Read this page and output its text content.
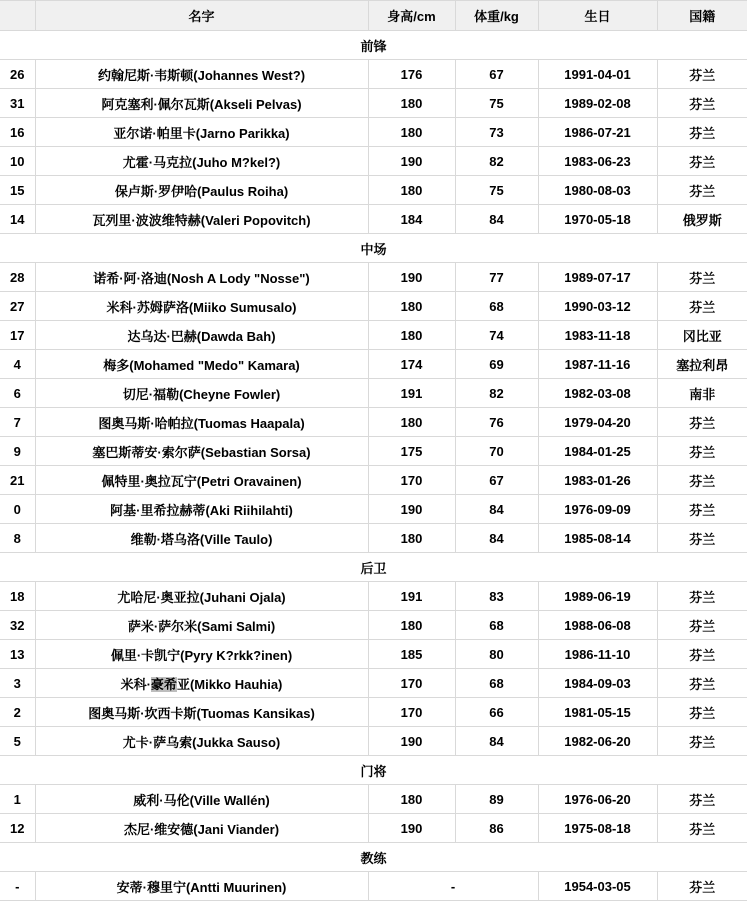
	名字	身高/cm	体重/kg	生日	国籍
前锋					
26	约翰尼斯·韦斯顿(Johannes West?)	176	67	1991-04-01	芬兰
31	阿克塞利·佩尔瓦斯(Akseli Pelvas)	180	75	1989-02-08	芬兰
16	亚尔诺·帕里卡(Jarno Parikka)	180	73	1986-07-21	芬兰
10	尤霍·马克拉(Juho M?kel?)	190	82	1983-06-23	芬兰
15	保卢斯·罗伊哈(Paulus Roiha)	180	75	1980-08-03	芬兰
14	瓦列里·波波维特赫(Valeri Popovitch)	184	84	1970-05-18	俄罗斯
中场					
28	诺希·阿·洛迪(Nosh A Lody "Nosse")	190	77	1989-07-17	芬兰
27	米科·苏姆萨洛(Miiko Sumusalo)	180	68	1990-03-12	芬兰
17	达乌达·巴赫(Dawda Bah)	180	74	1983-11-18	冈比亚
4	梅多(Mohamed "Medo" Kamara)	174	69	1987-11-16	塞拉利昂
6	切尼·福勒(Cheyne Fowler)	191	82	1982-03-08	南非
7	图奥马斯·哈帕拉(Tuomas Haapala)	180	76	1979-04-20	芬兰
9	塞巴斯蒂安·索尔萨(Sebastian Sorsa)	175	70	1984-01-25	芬兰
21	佩特里·奥拉瓦宁(Petri Oravainen)	170	67	1983-01-26	芬兰
0	阿基·里希拉赫蒂(Aki Riihilahti)	190	84	1976-09-09	芬兰
8	维勒·塔乌洛(Ville Taulo)	180	84	1985-08-14	芬兰
后卫					
18	尤哈尼·奥亚拉(Juhani Ojala)	191	83	1989-06-19	芬兰
32	萨米·萨尔米(Sami Salmi)	180	68	1988-06-08	芬兰
13	佩里·卡凯宁(Pyry K?rkk?inen)	185	80	1986-11-10	芬兰
3	米科·豪希亚(Mikko Hauhia)	170	68	1984-09-03	芬兰
2	图奥马斯·坎西卡斯(Tuomas Kansikas)	170	66	1981-05-15	芬兰
5	尤卡·萨乌索(Jukka Sauso)	190	84	1982-06-20	芬兰
门将					
1	威利·马伦(Ville Wallén)	180	89	1976-06-20	芬兰
12	杰尼·维安德(Jani Viander)	190	86	1975-08-18	芬兰
教练					
-	安蒂·穆里宁(Antti Muurinen)	-		1954-03-05	芬兰
